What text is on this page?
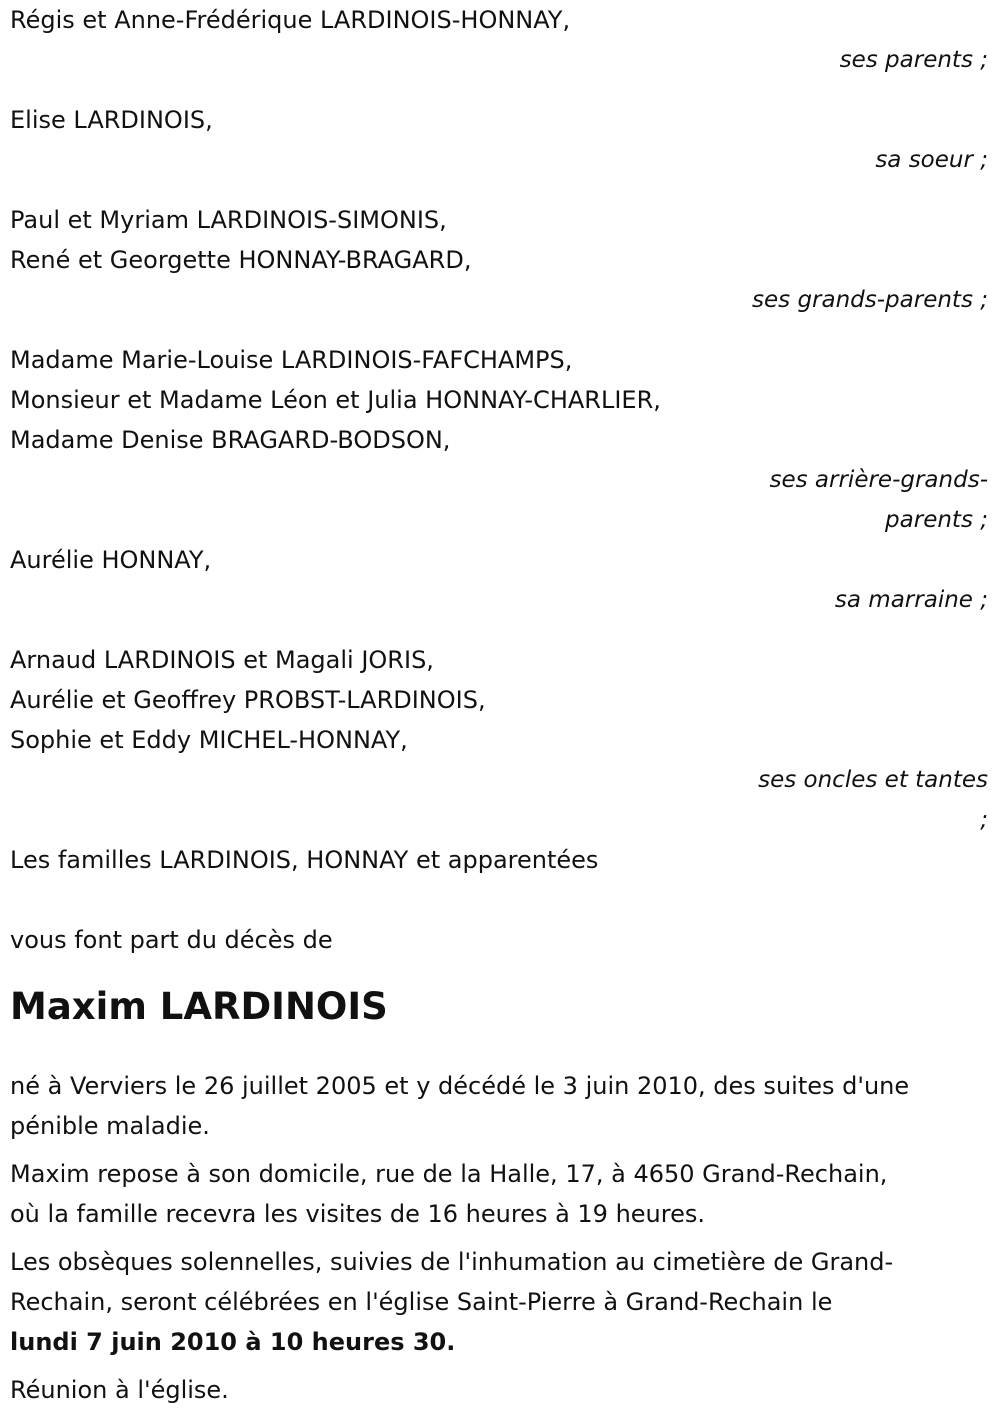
Régis et Anne-Frédérique LARDINOIS-HONNAY,
ses parents ;
Elise LARDINOIS,
sa soeur ;
Paul et Myriam LARDINOIS-SIMONIS,
René et Georgette HONNAY-BRAGARD,
ses grands-parents ;
Madame Marie-Louise LARDINOIS-FAFCHAMPS,
Monsieur et Madame Léon et Julia HONNAY-CHARLIER,
Madame Denise BRAGARD-BODSON,
ses arrière-grands-
parents ;
Aurélie HONNAY,
sa marraine ;
Arnaud LARDINOIS et Magali JORIS,
Aurélie et Geoffrey PROBST-LARDINOIS,
Sophie et Eddy MICHEL-HONNAY,
ses oncles et tantes
;
Les familles LARDINOIS, HONNAY et apparentées
vous font part du décès de
Maxim LARDINOIS
né à Verviers le 26 juillet 2005 et y décédé le 3 juin 2010, des suites d'une
pénible maladie.
Maxim repose à son domicile, rue de la Halle, 17, à 4650 Grand-Rechain,
où la famille recevra les visites de 16 heures à 19 heures.
Les obsèques solennelles, suivies de l'inhumation au cimetière de Grand-
Rechain, seront célébrées en l'église Saint-Pierre à Grand-Rechain le
lundi 7 juin 2010 à 10 heures 30.
Réunion à l'église.
